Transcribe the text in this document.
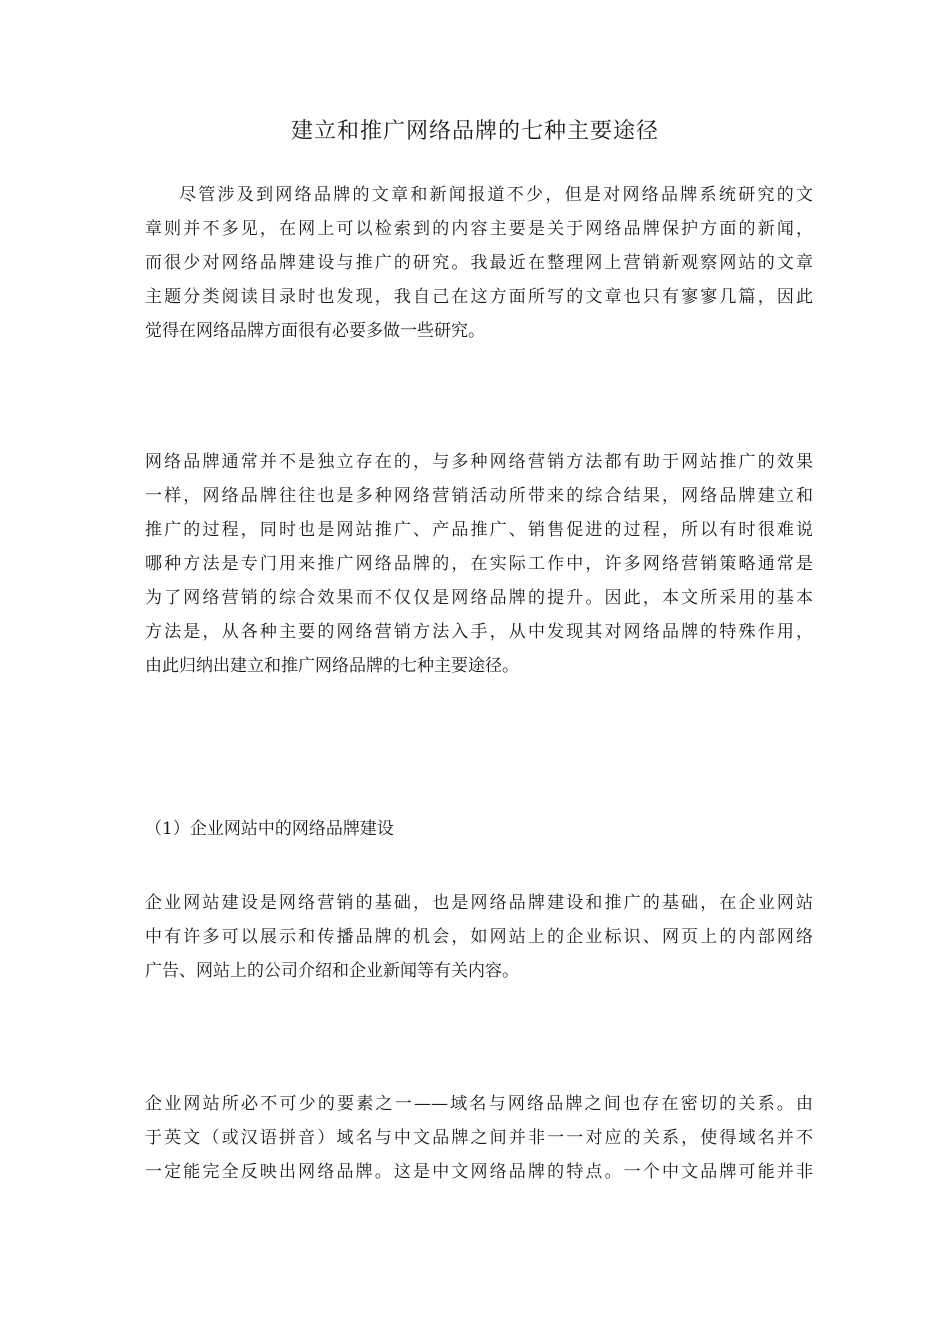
建立和推广网络品牌的七种主要途径

尽管涉及到网络品牌的文章和新闻报道不少，但是对网络品牌系统研究的文
章则并不多见，在网上可以检索到的内容主要是关于网络品牌保护方面的新闻，
而很少对网络品牌建设与推广的研究。我最近在整理网上营销新观察网站的文章
主题分类阅读目录时也发现，我自己在这方面所写的文章也只有寥寥几篇，因此
觉得在网络品牌方面很有必要多做一些研究。

网络品牌通常并不是独立存在的，与多种网络营销方法都有助于网站推广的效果
一样，网络品牌往往也是多种网络营销活动所带来的综合结果，网络品牌建立和
推广的过程，同时也是网站推广、产品推广、销售促进的过程，所以有时很难说
哪种方法是专门用来推广网络品牌的，在实际工作中，许多网络营销策略通常是
为了网络营销的综合效果而不仅仅是网络品牌的提升。因此，本文所采用的基本
方法是，从各种主要的网络营销方法入手，从中发现其对网络品牌的特殊作用，
由此归纳出建立和推广网络品牌的七种主要途径。

（1）企业网站中的网络品牌建设

企业网站建设是网络营销的基础，也是网络品牌建设和推广的基础，在企业网站
中有许多可以展示和传播品牌的机会，如网站上的企业标识、网页上的内部网络
广告、网站上的公司介绍和企业新闻等有关内容。

企业网站所必不可少的要素之一——域名与网络品牌之间也存在密切的关系。由
于英文（或汉语拼音）域名与中文品牌之间并非一一对应的关系，使得域名并不
一定能完全反映出网络品牌。这是中文网络品牌的特点。一个中文品牌可能并非
